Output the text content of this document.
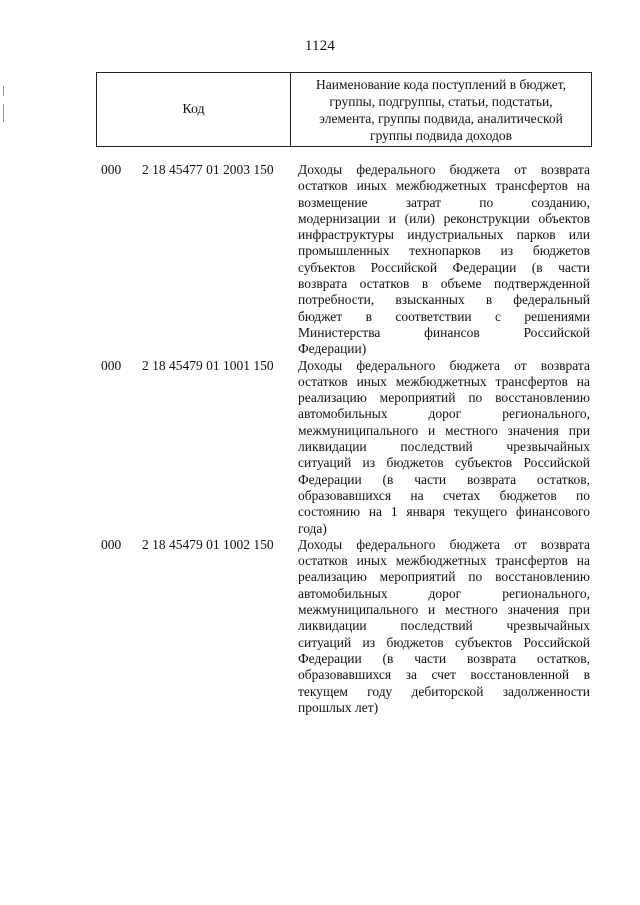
1124
Код
Наименование кода поступлений в бюджет,
группы, подгруппы, статьи, подстатьи,
элемента, группы подвида, аналитической
группы подвида доходов
000 2 18 45477 01 2003 150 Доходы федерального бюджета от возврата
остатков иных межбюджетных трансфертов на
возмещение затрат по созданию,
модернизации и (или) реконструкции объектов
инфраструктуры индустриальных парков или
промышленных технопарков из бюджетов
субъектов Российской Федерации (в части
возврата остатков в объеме подтвержденной
потребности, взысканных в федеральный
бюджет в соответствии с решениями
Министерства финансов Российской
Федерации)
000 2 18 45479 01 1001 150 Доходы федерального бюджета от возврата
остатков иных межбюджетных трансфертов на
реализацию мероприятий по восстановлению
автомобильных дорог регионального,
межмуниципального и местного значения при
ликвидации последствий чрезвычайных
ситуаций из бюджетов субъектов Российской
Федерации (в части возврата остатков,
образовавшихся на счетах бюджетов по
состоянию на 1 января текущего финансового
года)
000 2 18 45479 01 1002 150 Доходы федерального бюджета от возврата
остатков иных межбюджетных трансфертов на
реализацию мероприятий по восстановлению
автомобильных дорог регионального,
межмуниципального и местного значения при
ликвидации последствий чрезвычайных
ситуаций из бюджетов субъектов Российской
Федерации (в части возврата остатков,
образовавшихся за счет восстановленной в
текущем году дебиторской задолженности
прошлых лет)
